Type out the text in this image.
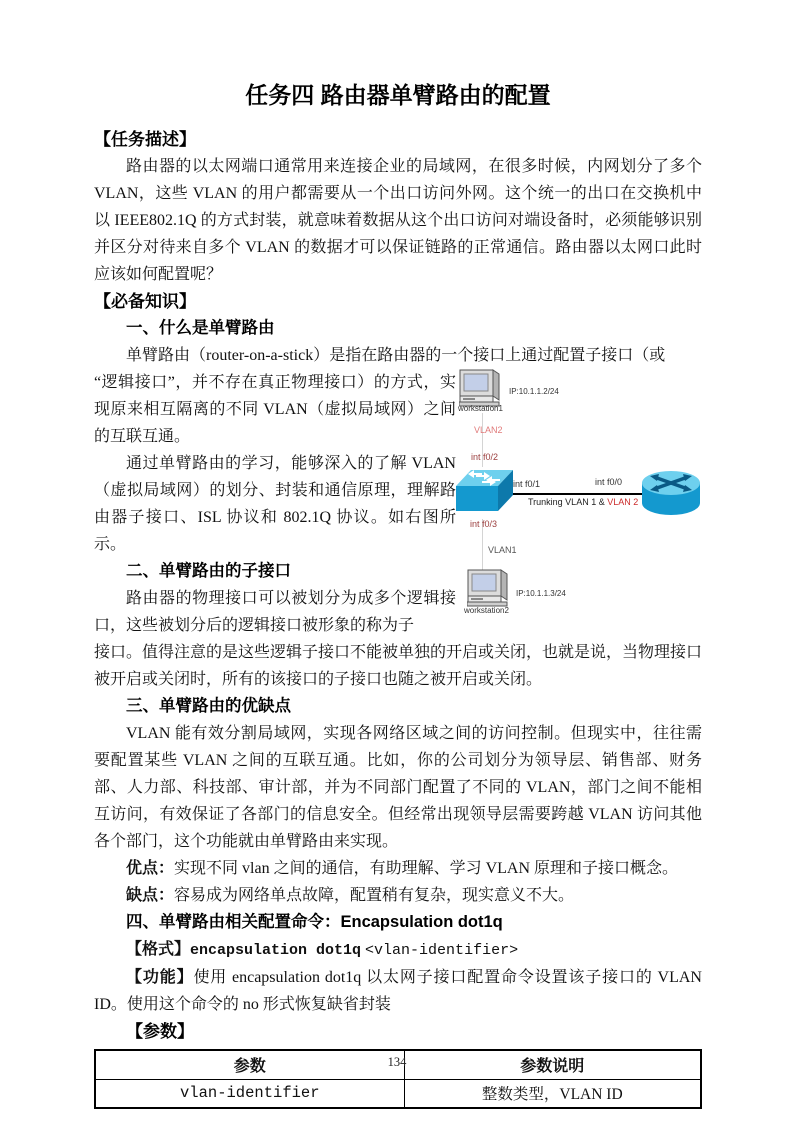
任务四 路由器单臂路由的配置
【任务描述】

路由器的以太网端口通常用来连接企业的局域网，在很多时候，内网划分了多个 VLAN，这些 VLAN 的用户都需要从一个出口访问外网。这个统一的出口在交换机中以 IEEE802.1Q 的方式封装，就意味着数据从这个出口访问对端设备时，必须能够识别并区分对待来自多个 VLAN 的数据才可以保证链路的正常通信。路由器以太网口此时应该如何配置呢？

【必备知识】
一、什么是单臂路由

单臂路由（router-on-a-stick）是指在路由器的一个接口上通过配置子接口（或

“逻辑接口”，并不存在真正物理接口）的方式，实现原来相互隔离的不同 VLAN（虚拟局域网）之间的互联互通。

通过单臂路由的学习，能够深入的了解 VLAN（虚拟局域网）的划分、封装和通信原理，理解路由器子接口、ISL 协议和 802.1Q 协议。如右图所示。

二、单臂路由的子接口

路由器的物理接口可以被划分为成多个逻辑接口，这些被划分后的逻辑接口被形象的称为子

IP:10.1.1.2/24
workstation1
VLAN2
int f0/2
int f0/1	int f0/0
Trunking VLAN 1 & VLAN 2
int f0/3
VLAN1
IP:10.1.1.3/24
workstation2

接口。值得注意的是这些逻辑子接口不能被单独的开启或关闭，也就是说，当物理接口被开启或关闭时，所有的该接口的子接口也随之被开启或关闭。

三、单臂路由的优缺点

VLAN 能有效分割局域网，实现各网络区域之间的访问控制。但现实中，往往需要配置某些 VLAN 之间的互联互通。比如，你的公司划分为领导层、销售部、财务部、人力部、科技部、审计部，并为不同部门配置了不同的 VLAN，部门之间不能相互访问，有效保证了各部门的信息安全。但经常出现领导层需要跨越 VLAN 访问其他各个部门，这个功能就由单臂路由来实现。

优点：实现不同 vlan 之间的通信，有助理解、学习 VLAN 原理和子接口概念。

缺点：容易成为网络单点故障，配置稍有复杂，现实意义不大。

四、单臂路由相关配置命令：Encapsulation dot1q

【格式】encapsulation dot1q <vlan-identifier>

【功能】使用 encapsulation dot1q 以太网子接口配置命令设置该子接口的 VLAN ID。使用这个命令的 no 形式恢复缺省封装

【参数】
参数	参数说明
vlan-identifier	整数类型，VLAN ID
134
